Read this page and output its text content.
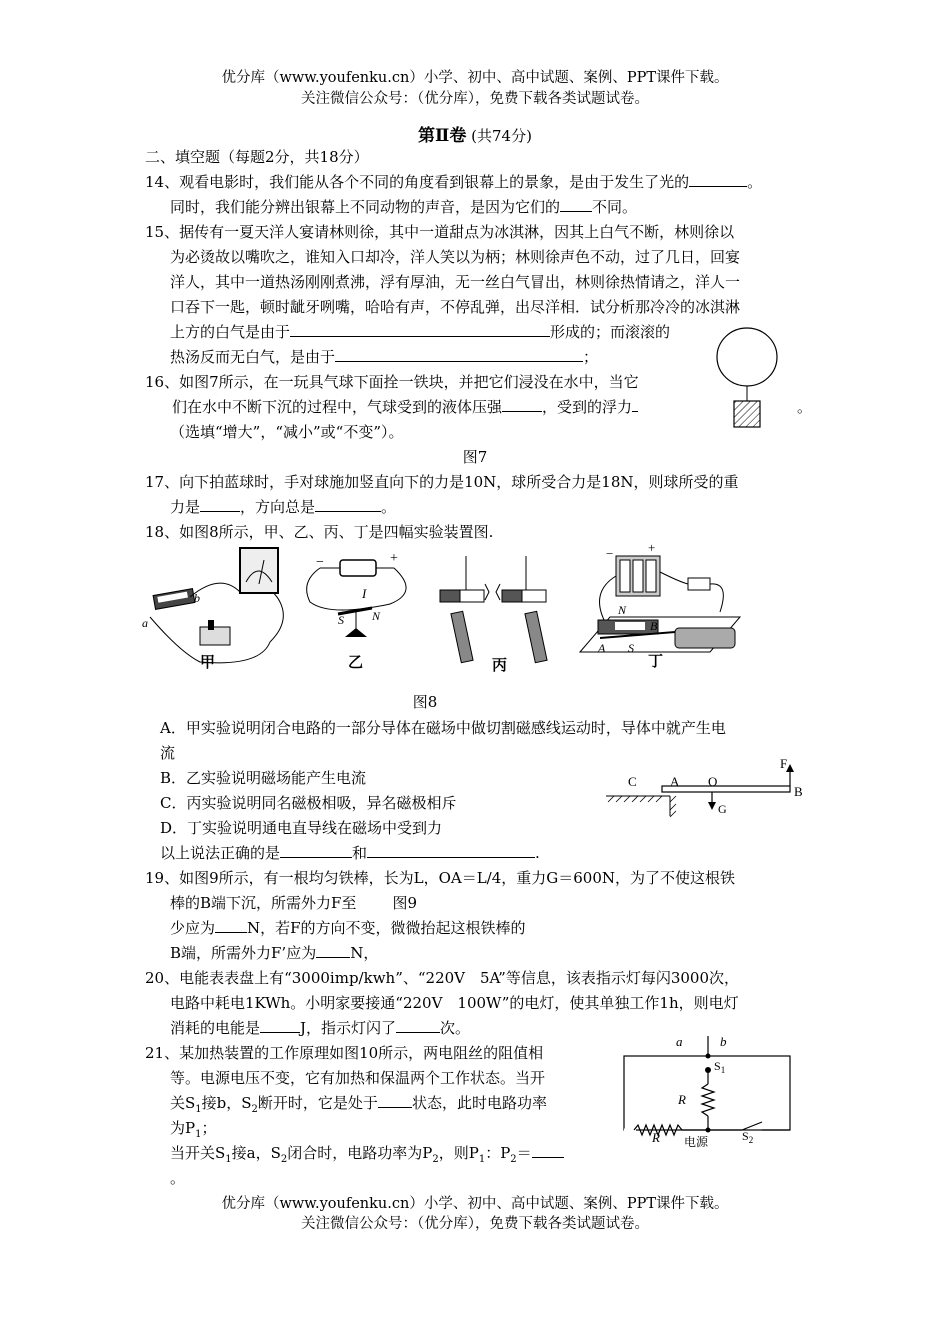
优分库（www.youfenku.cn）小学、初中、高中试题、案例、PPT课件下载。
关注微信公众号：（优分库），免费下载各类试题试卷。
第Ⅱ卷 (共74分)
二、填空题（每题2分，共18分）
14、观看电影时，我们能从各个不同的角度看到银幕上的景象，是由于发生了光的	。
同时，我们能分辨出银幕上不同动物的声音，是因为它们的 不同。
15、据传有一夏天洋人宴请林则徐，其中一道甜点为冰淇淋，因其上白气不断，林则徐以
为必烫故以嘴吹之，谁知入口却冷，洋人笑以为柄；林则徐声色不动，过了几日，回宴
洋人，其中一道热汤刚刚煮沸，浮有厚油，无一丝白气冒出，林则徐热情请之，洋人一
口吞下一匙，顿时龇牙咧嘴，哈哈有声，不停乱弹，出尽洋相．试分析那冷冷的冰淇淋
上方的白气是由于	形成的；而滚滚的
热汤反而无白气，是由于	；
16、如图7所示，在一玩具气球下面拴一铁块，并把它们浸没在水中，当它
们在水中不断下沉的过程中，气球受到的液体压强	，受到的浮力	。
（选填“增大”，“减小”或“不变”）。
图7
17、向下拍蓝球时，手对球施加竖直向下的力是10N，球所受合力是18N，则球所受的重
力是	，方向总是	。
18、如图8所示，甲、乙、丙、丁是四幅实验装置图.
b
a
甲
−	+
I
S N
乙	丙
−	+
N
B
A S
丁
图8
A．甲实验说明闭合电路的一部分导体在磁场中做切割磁感线运动时，导体中就产生电
流
B．乙实验说明磁场能产生电流
C．丙实验说明同名磁极相吸，异名磁极相斥
D．丁实验说明通电直导线在磁场中受到力
以上说法正确的是	和	.
C	A O
F
B
G
19、如图9所示，有一根均匀铁棒，长为L，OA＝L/4，重力G＝600N，为了不使这根铁
棒的B端下沉，所需外力F至 图9
少应为 N，若F的方向不变，微微抬起这根铁棒的
B端，所需外力F’应为 N，
20、电能表表盘上有“3000imp/kwh”、“220V　5A”等信息，该表指示灯每闪3000次，
电路中耗电1KWh。小明家要接通“220V　100W”的电灯，使其单独工作1h，则电灯
消耗的电能是	J，指示灯闪了	次。
a	b
$S_1$
R
R 电源	$S_2$
21、某加热装置的工作原理如图10所示，两电阻丝的阻值相
等。电源电压不变，它有加热和保温两个工作状态。当开
关$S_1$接b，$S_2$断开时，它是处于 状态，此时电路功率
为$P_1$；
当开关$S_1$接a，$S_2$闭合时，电路功率为$P_2$，则$P_1$：$P_2=$
。
优分库（www.youfenku.cn）小学、初中、高中试题、案例、PPT课件下载。
关注微信公众号：（优分库），免费下载各类试题试卷。
